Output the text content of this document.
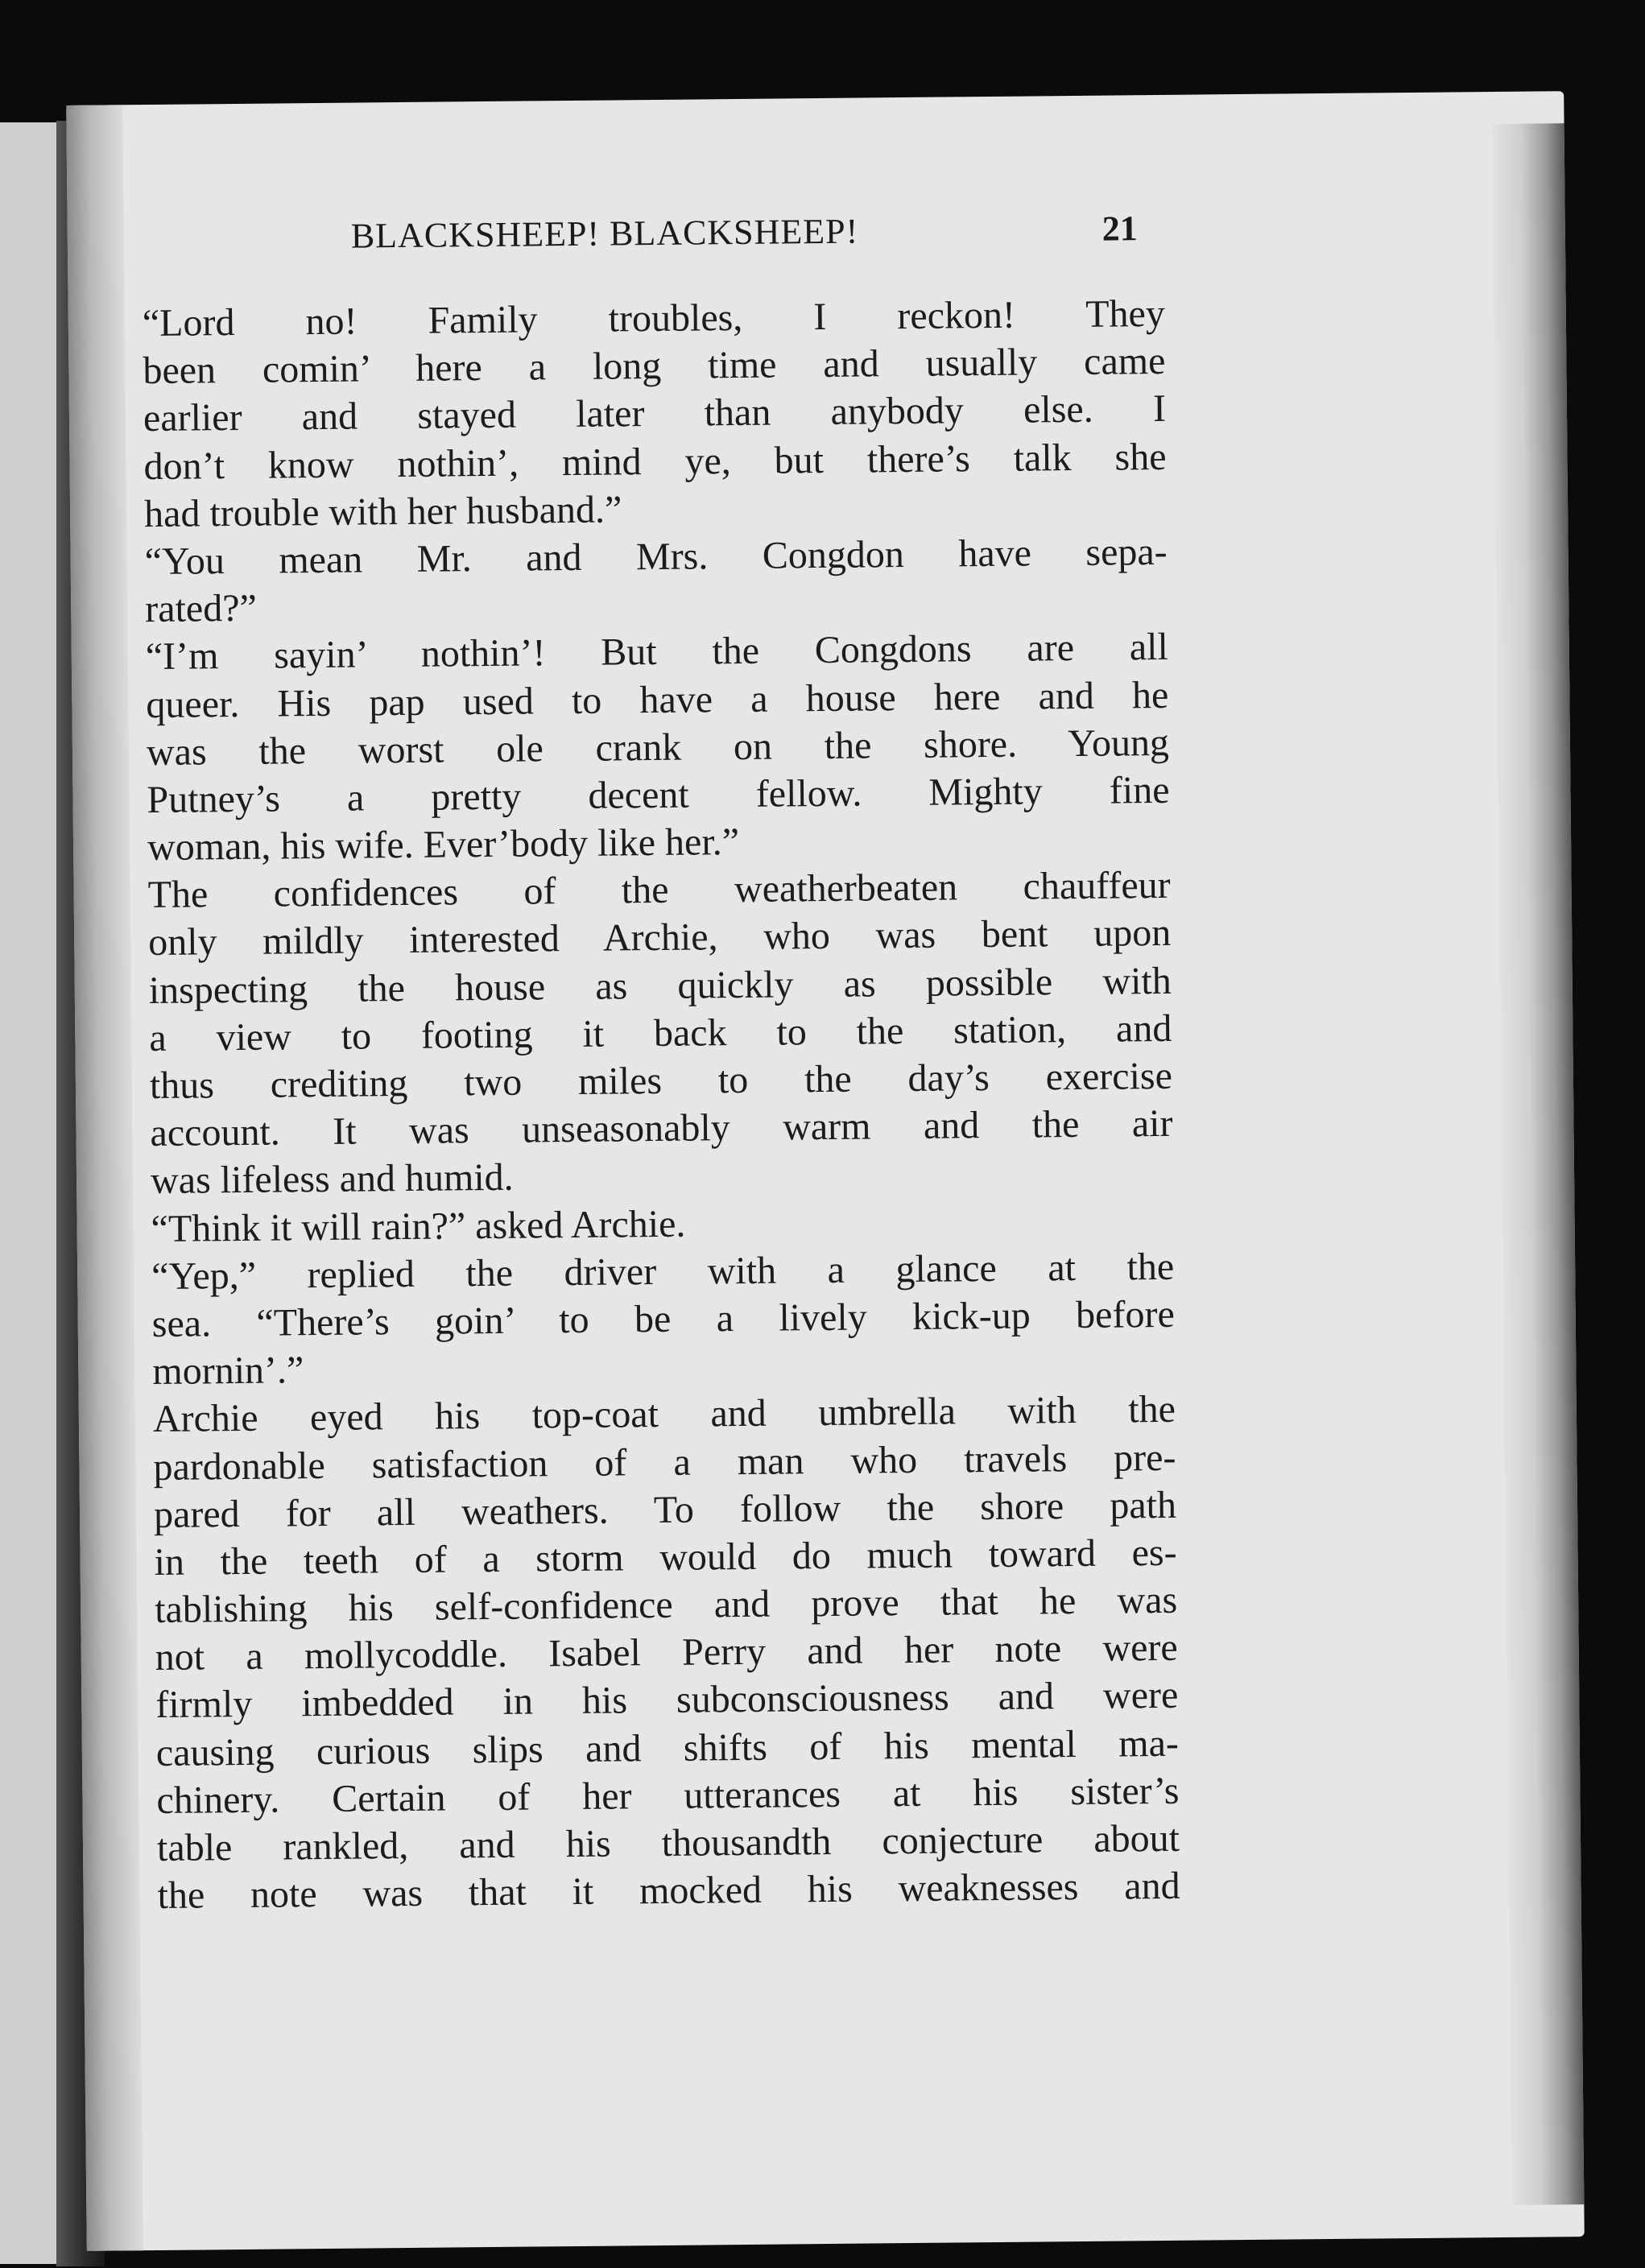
BLACKSHEEP! BLACKSHEEP!	21
“Lord no! Family troubles, I reckon! They
been comin’ here a long time and usually came
earlier and stayed later than anybody else. I
don’t know nothin’, mind ye, but there’s talk she
had trouble with her husband.”
“You mean Mr. and Mrs. Congdon have sepa-
rated?”
“I’m sayin’ nothin’! But the Congdons are all
queer. His pap used to have a house here and he
was the worst ole crank on the shore. Young
Putney’s a pretty decent fellow. Mighty fine
woman, his wife. Ever’body like her.”
The confidences of the weatherbeaten chauffeur
only mildly interested Archie, who was bent upon
inspecting the house as quickly as possible with
a view to footing it back to the station, and
thus crediting two miles to the day’s exercise
account. It was unseasonably warm and the air
was lifeless and humid.
“Think it will rain?” asked Archie.
“Yep,” replied the driver with a glance at the
sea. “There’s goin’ to be a lively kick-up before
mornin’.”
Archie eyed his top-coat and umbrella with the
pardonable satisfaction of a man who travels pre-
pared for all weathers. To follow the shore path
in the teeth of a storm would do much toward es-
tablishing his self-confidence and prove that he was
not a mollycoddle. Isabel Perry and her note were
firmly imbedded in his subconsciousness and were
causing curious slips and shifts of his mental ma-
chinery. Certain of her utterances at his sister’s
table rankled, and his thousandth conjecture about
the note was that it mocked his weaknesses and
